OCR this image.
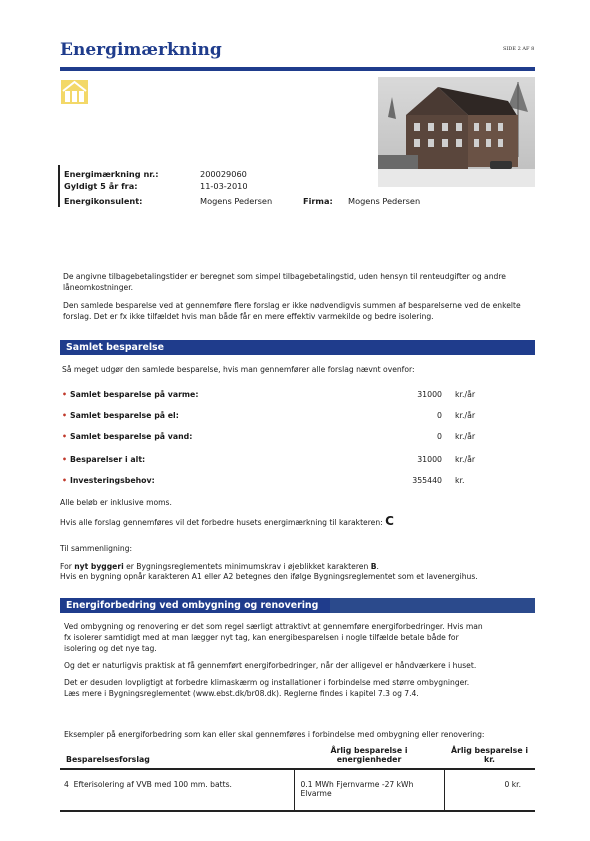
Energimærkning	SIDE 2 AF 8
Energimærkning nr.:	200029060
Gyldigt 5 år fra:	11-03-2010
Energikonsulent:	Mogens Pedersen	Firma: Mogens Pedersen

De angivne tilbagebetalingstider er beregnet som simpel tilbagebetalingstid, uden hensyn til renteudgifter og andre låneomkostninger.

Den samlede besparelse ved at gennemføre flere forslag er ikke nødvendigvis summen af besparelserne ved de enkelte forslag. Det er fx ikke tilfældet hvis man både får en mere effektiv varmekilde og bedre isolering.

Samlet besparelse

Så meget udgør den samlede besparelse, hvis man gennemfører alle forslag nævnt ovenfor:

• Samlet besparelse på varme:	31000 kr./år
• Samlet besparelse på el:	0 kr./år
• Samlet besparelse på vand:	0 kr./år
• Besparelser i alt:	31000 kr./år
• Investeringsbehov:	355440 kr.

Alle beløb er inklusive moms.

Hvis alle forslag gennemføres vil det forbedre husets energimærkning til karakteren: C

Til sammenligning:

For nyt byggeri er Bygningsreglementets minimumskrav i øjeblikket karakteren B.

Hvis en bygning opnår karakteren A1 eller A2 betegnes den ifølge Bygningsreglementet som et lavenergihus.

Energiforbedring ved ombygning og renovering

Ved ombygning og renovering er det som regel særligt attraktivt at gennemføre energiforbedringer. Hvis man fx isolerer samtidigt med at man lægger nyt tag, kan energibesparelsen i nogle tilfælde betale både for isolering og det nye tag.

Og det er naturligvis praktisk at få gennemført energiforbedringer, når der alligevel er håndværkere i huset.

Det er desuden lovpligtigt at forbedre klimaskærm og installationer i forbindelse med større ombygninger. Læs mere i Bygningsreglementet (www.ebst.dk/br08.dk). Reglerne findes i kapitel 7.3 og 7.4.

Eksempler på energiforbedring som kan eller skal gennemføres i forbindelse med ombygning eller renovering:

Besparelsesforslag	Årlig besparelse i energienheder	Årlig besparelse i kr.
4 Efterisolering af VVB med 100 mm. batts.	0.1 MWh Fjernvarme -27 kWh Elvarme	0 kr.
